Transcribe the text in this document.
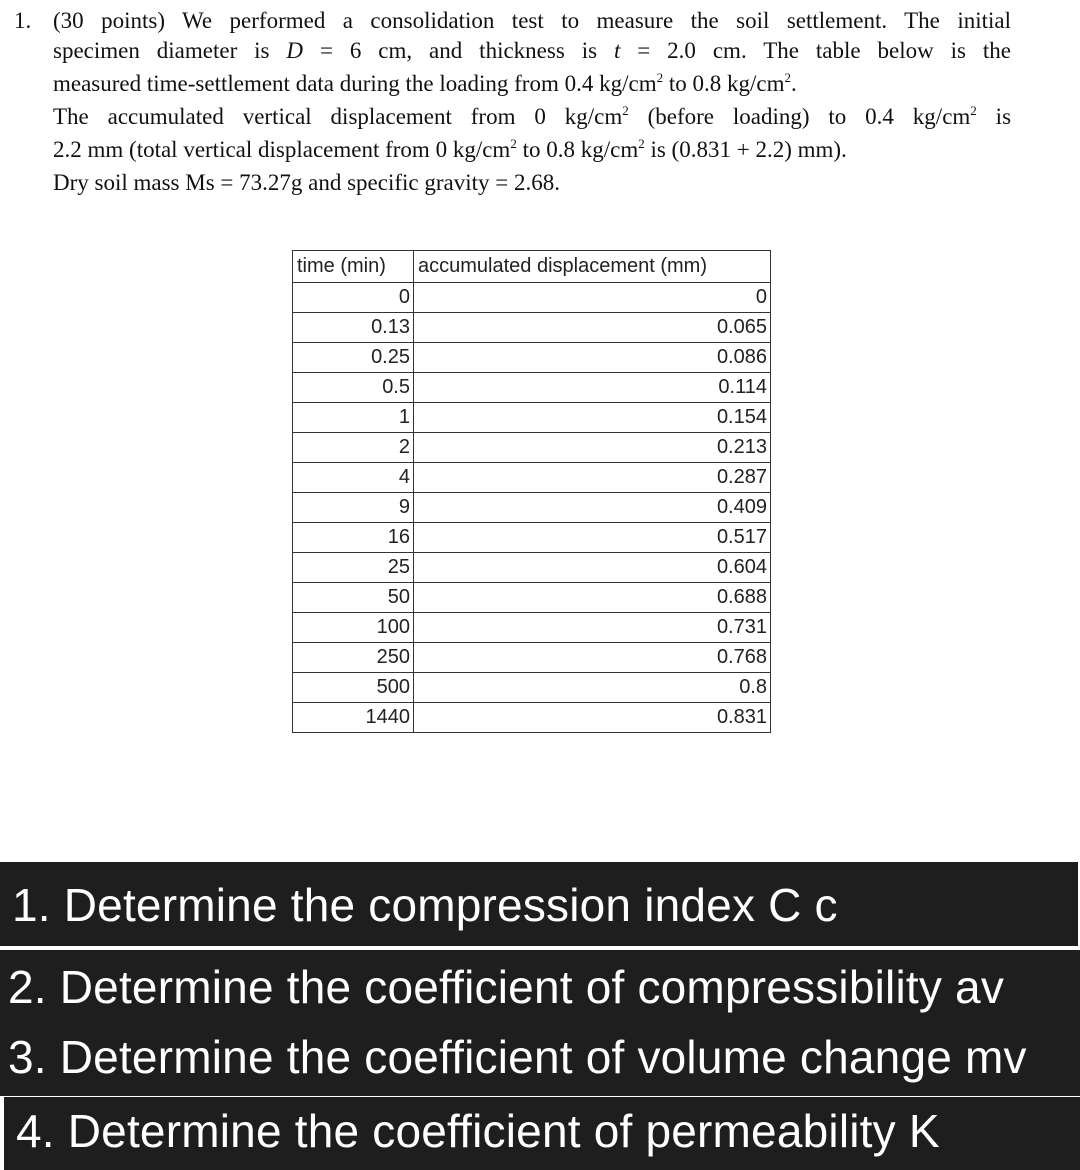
1. (30 points) We performed a consolidation test to measure the soil settlement. The initial
specimen diameter is D = 6 cm, and thickness is t = 2.0 cm. The table below is the
measured time-settlement data during the loading from 0.4 $kg/cm^2$ to 0.8 $kg/cm^2$.
The accumulated vertical displacement from 0 $kg/cm^2$ (before loading) to 0.4 $kg/cm^2$ is
2.2 mm (total vertical displacement from 0 $kg/cm^2$ to 0.8 $kg/cm^2$ is (0.831 + 2.2) mm).
Dry soil mass Ms = 73.27g and specific gravity = 2.68.
time (min)	accumulated displacement (mm)
0	0
0.13	0.065
0.25	0.086
0.5	0.114
1	0.154
2	0.213
4	0.287
9	0.409
16	0.517
25	0.604
50	0.688
100	0.731
250	0.768
500	0.8
1440	0.831
1. Determine the compression index C c
2. Determine the coefficient of compressibility av
3. Determine the coefficient of volume change mv
4. Determine the coefficient of permeability K
